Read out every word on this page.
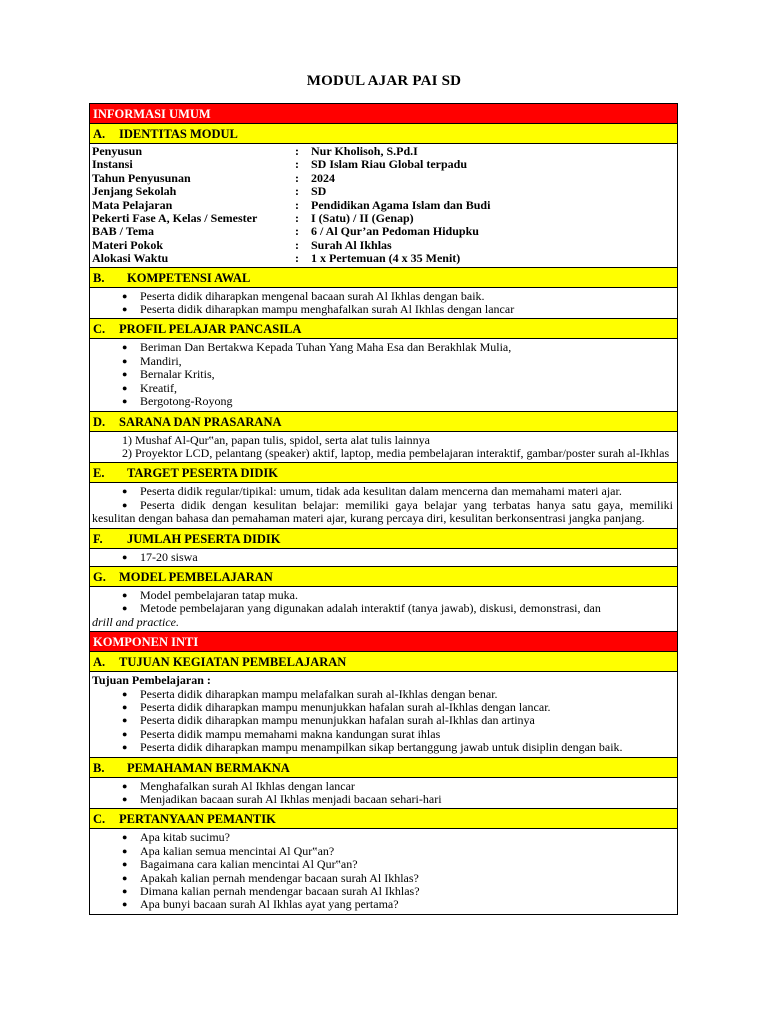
MODUL AJAR PAI SD
INFORMASI UMUM
A. IDENTITAS MODUL
Penyusun	:	Nur Kholisoh, S.Pd.I
Instansi	:	SD Islam Riau Global terpadu
Tahun Penyusunan	:	2024
Jenjang Sekolah	:	SD
Mata Pelajaran	:	Pendidikan Agama Islam dan Budi
Pekerti Fase A, Kelas / Semester	:	I (Satu) / II (Genap)
BAB / Tema	:	6 / Al Qur’an Pedoman Hidupku
Materi Pokok	:	Surah Al Ikhlas
Alokasi Waktu	:	1 x Pertemuan (4 x 35 Menit)
B. KOMPETENSI AWAL
● Peserta didik diharapkan mengenal bacaan surah Al Ikhlas dengan baik.
● Peserta didik diharapkan mampu menghafalkan surah Al Ikhlas dengan lancar
C. PROFIL PELAJAR PANCASILA
● Beriman Dan Bertakwa Kepada Tuhan Yang Maha Esa dan Berakhlak Mulia,
● Mandiri,
● Bernalar Kritis,
● Kreatif,
● Bergotong-Royong
D. SARANA DAN PRASARANA
1) Mushaf Al-Qur‟an, papan tulis, spidol, serta alat tulis lainnya
2) Proyektor LCD, pelantang (speaker) aktif, laptop, media pembelajaran interaktif, gambar/poster surah al-Ikhlas
E. TARGET PESERTA DIDIK
● Peserta didik regular/tipikal: umum, tidak ada kesulitan dalam mencerna dan memahami materi ajar.
● Peserta didik dengan kesulitan belajar: memiliki gaya belajar yang terbatas hanya satu gaya, memiliki kesulitan dengan bahasa dan pemahaman materi ajar, kurang percaya diri, kesulitan berkonsentrasi jangka panjang.
F. JUMLAH PESERTA DIDIK
● 17-20 siswa
G. MODEL PEMBELAJARAN
● Model pembelajaran tatap muka.
● Metode pembelajaran yang digunakan adalah interaktif (tanya jawab), diskusi, demonstrasi, dan
drill and practice.
KOMPONEN INTI
A. TUJUAN KEGIATAN PEMBELAJARAN
Tujuan Pembelajaran :
● Peserta didik diharapkan mampu melafalkan surah al-Ikhlas dengan benar.
● Peserta didik diharapkan mampu menunjukkan hafalan surah al-Ikhlas dengan lancar.
● Peserta didik diharapkan mampu menunjukkan hafalan surah al-Ikhlas dan artinya
● Peserta didik mampu memahami makna kandungan surat ihlas
● Peserta didik diharapkan mampu menampilkan sikap bertanggung jawab untuk disiplin dengan baik.
B. PEMAHAMAN BERMAKNA
● Menghafalkan surah Al Ikhlas dengan lancar
● Menjadikan bacaan surah Al Ikhlas menjadi bacaan sehari-hari
C. PERTANYAAN PEMANTIK
● Apa kitab sucimu?
● Apa kalian semua mencintai Al Qur‟an?
● Bagaimana cara kalian mencintai Al Qur‟an?
● Apakah kalian pernah mendengar bacaan surah Al Ikhlas?
● Dimana kalian pernah mendengar bacaan surah Al Ikhlas?
● Apa bunyi bacaan surah Al Ikhlas ayat yang pertama?
